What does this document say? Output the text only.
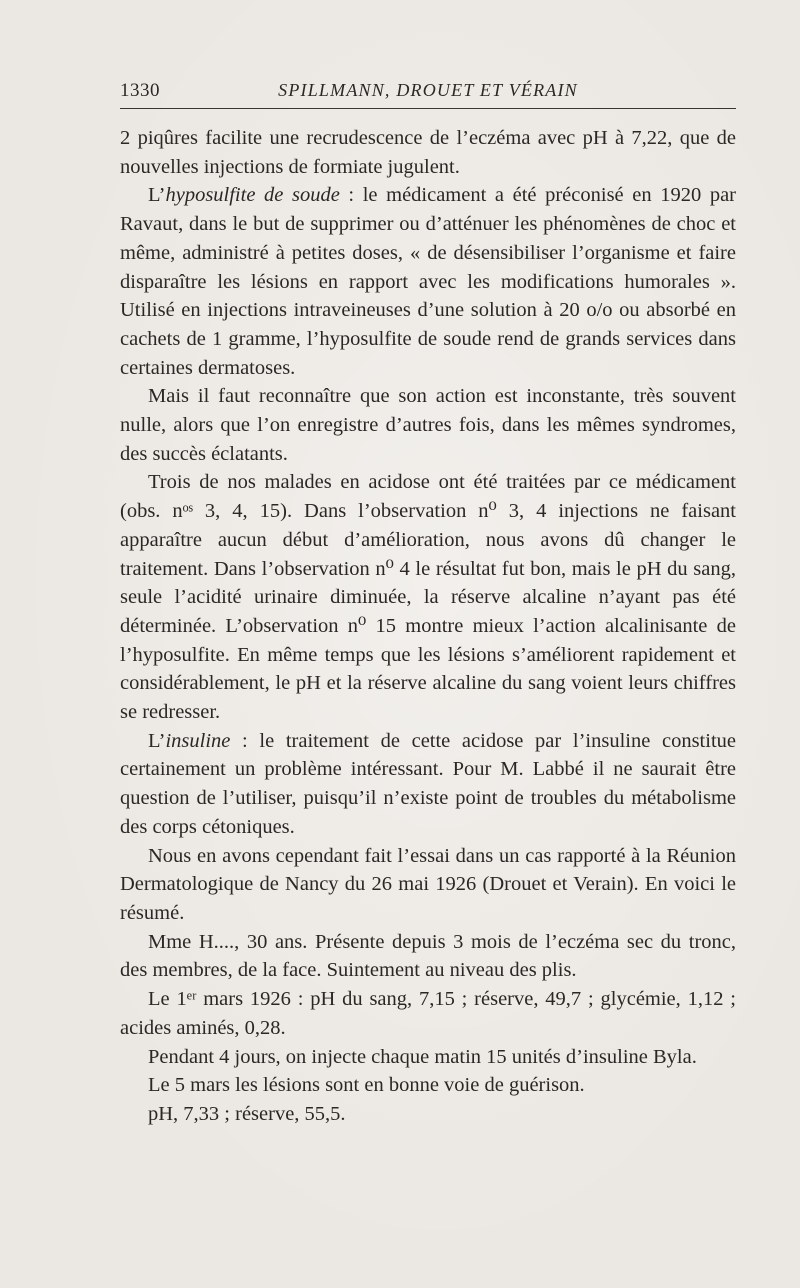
1330	SPILLMANN, DROUET ET VÉRAIN

2 piqûres facilite une recrudescence de l’eczéma avec pH à 7,22, que de nouvelles injections de formiate jugulent.

L’hyposulfite de soude : le médicament a été préconisé en 1920 par Ravaut, dans le but de supprimer ou d’atténuer les phénomènes de choc et même, administré à petites doses, « de désensibiliser l’organisme et faire disparaître les lésions en rapport avec les modifications humorales ». Utilisé en injections intraveineuses d’une solution à 20 o/o ou absorbé en cachets de 1 gramme, l’hyposulfite de soude rend de grands services dans certaines dermatoses.

Mais il faut reconnaître que son action est inconstante, très souvent nulle, alors que l’on enregistre d’autres fois, dans les mêmes syndromes, des succès éclatants.

Trois de nos malades en acidose ont été traitées par ce médicament (obs. nᵒˢ 3, 4, 15). Dans l’observation n⁰ 3, 4 injections ne faisant apparaître aucun début d’amélioration, nous avons dû changer le traitement. Dans l’observation n⁰ 4 le résultat fut bon, mais le pH du sang, seule l’acidité urinaire diminuée, la réserve alcaline n’ayant pas été déterminée. L’observation n⁰ 15 montre mieux l’action alcalinisante de l’hyposulfite. En même temps que les lésions s’améliorent rapidement et considérablement, le pH et la réserve alcaline du sang voient leurs chiffres se redresser.

L’insuline : le traitement de cette acidose par l’insuline constitue certainement un problème intéressant. Pour M. Labbé il ne saurait être question de l’utiliser, puisqu’il n’existe point de troubles du métabolisme des corps cétoniques.

Nous en avons cependant fait l’essai dans un cas rapporté à la Réunion Dermatologique de Nancy du 26 mai 1926 (Drouet et Verain). En voici le résumé.

Mme H...., 30 ans. Présente depuis 3 mois de l’eczéma sec du tronc, des membres, de la face. Suintement au niveau des plis.

Le 1ᵉʳ mars 1926 : pH du sang, 7,15 ; réserve, 49,7 ; glycémie, 1,12 ; acides aminés, 0,28.

Pendant 4 jours, on injecte chaque matin 15 unités d’insuline Byla.

Le 5 mars les lésions sont en bonne voie de guérison.

pH, 7,33 ; réserve, 55,5.
